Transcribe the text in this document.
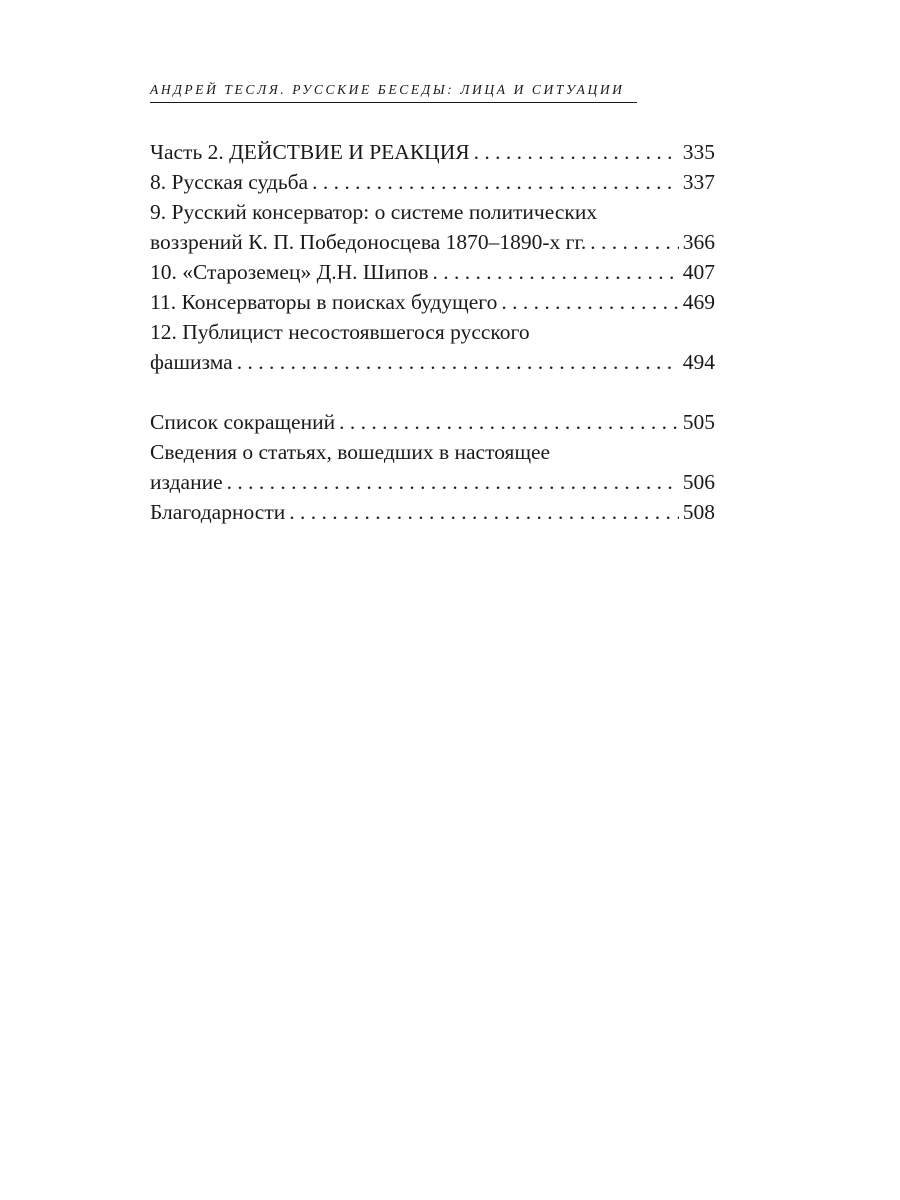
АНДРЕЙ ТЕСЛЯ. РУССКИЕ БЕСЕДЫ: ЛИЦА И СИТУАЦИИ
Часть 2. ДЕЙСТВИЕ И РЕАКЦИЯ . . .	335
8. Русская судьба . . .	337
9. Русский консерватор: о системе политических
воззрений К. П. Победоносцева 1870–1890-х гг. . . .	366
10. «Староземец» Д.Н. Шипов . . .	407
11. Консерваторы в поисках будущего . . .	469
12. Публицист несостоявшегося русского
фашизма . . .	494
Список сокращений . . .	505
Сведения о статьях, вошедших в настоящее
издание . . .	506
Благодарности . . .	508
